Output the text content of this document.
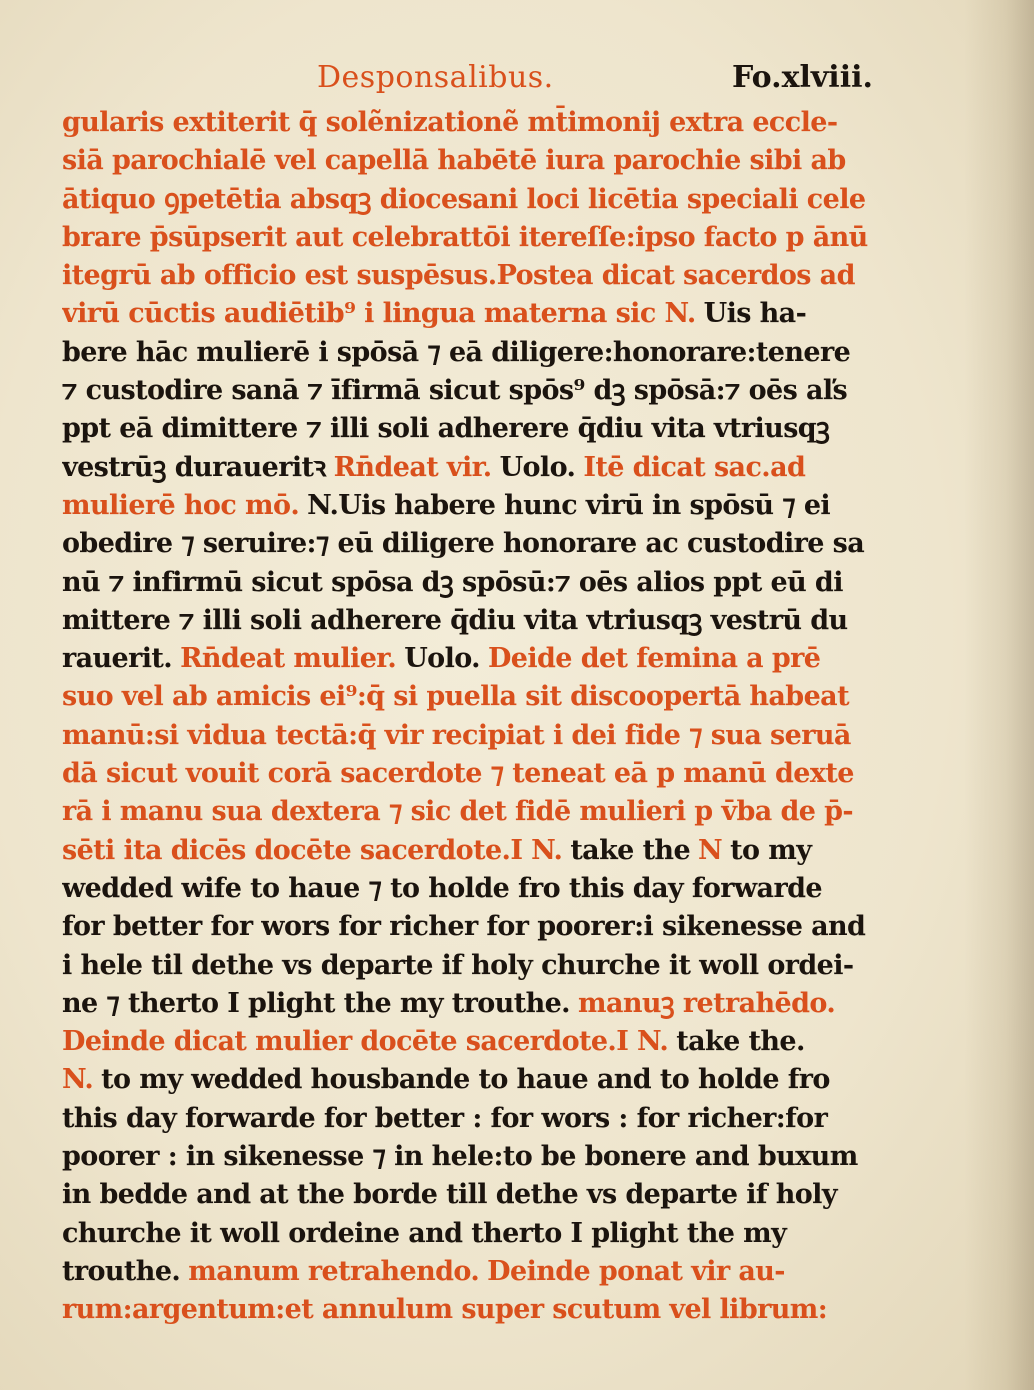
Desponsalibus.	Fo.xlviii.
gularis extiterit q̄ solẽnizationẽ mt̄imonij extra eccle-
siā parochialē vel capellā habētē iura parochie sibi ab
ātiquo ꝯpetētia absqꝫ diocesani loci licētia speciali cele
brare p̄sūpserit aut celebrattōi itereſſe:ipso facto p ānū
itegrū ab officio est suspēsus.Postea dicat sacerdos ad
virū cūctis audiētib⁹ i lingua materna sic N. Uis ha-
bere hāc mulierē i spōsā ⁊ eā diligere:honorare:tenere
⁊ custodire sanā ⁊ īfirmā sicut spōs⁹ dꝫ spōsā:⁊ oēs aľs
ppt eā dimittere ⁊ illi soli adherere q̄diu vita vtriusqꝫ
vestrūꝫ duraueritꝛ Rn̄deat vir. Uolo. Itē dicat sac.ad
mulierē hoc mō. N.Uis habere hunc virū in spōsū ⁊ ei
obedire ⁊ seruire:⁊ eū diligere honorare ac custodire sa
nū ⁊ infirmū sicut spōsa dꝫ spōsū:⁊ oēs alios ppt eū di
mittere ⁊ illi soli adherere q̄diu vita vtriusqꝫ vestrū du
rauerit. Rn̄deat mulier. Uolo. Deide det femina a prē
suo vel ab amicis ei⁹:q̄ si puella sit discoopertā habeat
manū:si vidua tectā:q̄ vir recipiat i dei fide ⁊ sua seruā
dā sicut vouit corā sacerdote ⁊ teneat eā p manū dexte
rā i manu sua dextera ⁊ sic det fidē mulieri p v̄ba de p̄-
sēti ita dicēs docēte sacerdote.I N. take the N to my
wedded wife to haue ⁊ to holde fro this day forwarde
for better for wors for richer for poorer:i sikenesse and
i hele til dethe vs departe if holy churche it woll ordei-
ne ⁊ therto I plight the my trouthe. manuꝫ retrahēdo.
Deinde dicat mulier docēte sacerdote.I N. take the.
N. to my wedded housbande to haue and to holde fro
this day forwarde for better : for wors : for richer:for
poorer : in sikenesse ⁊ in hele:to be bonere and buxum
in bedde and at the borde till dethe vs departe if holy
churche it woll ordeine and therto I plight the my
trouthe. manum retrahendo. Deinde ponat vir au-
rum:argentum:et annulum super scutum vel librum:
